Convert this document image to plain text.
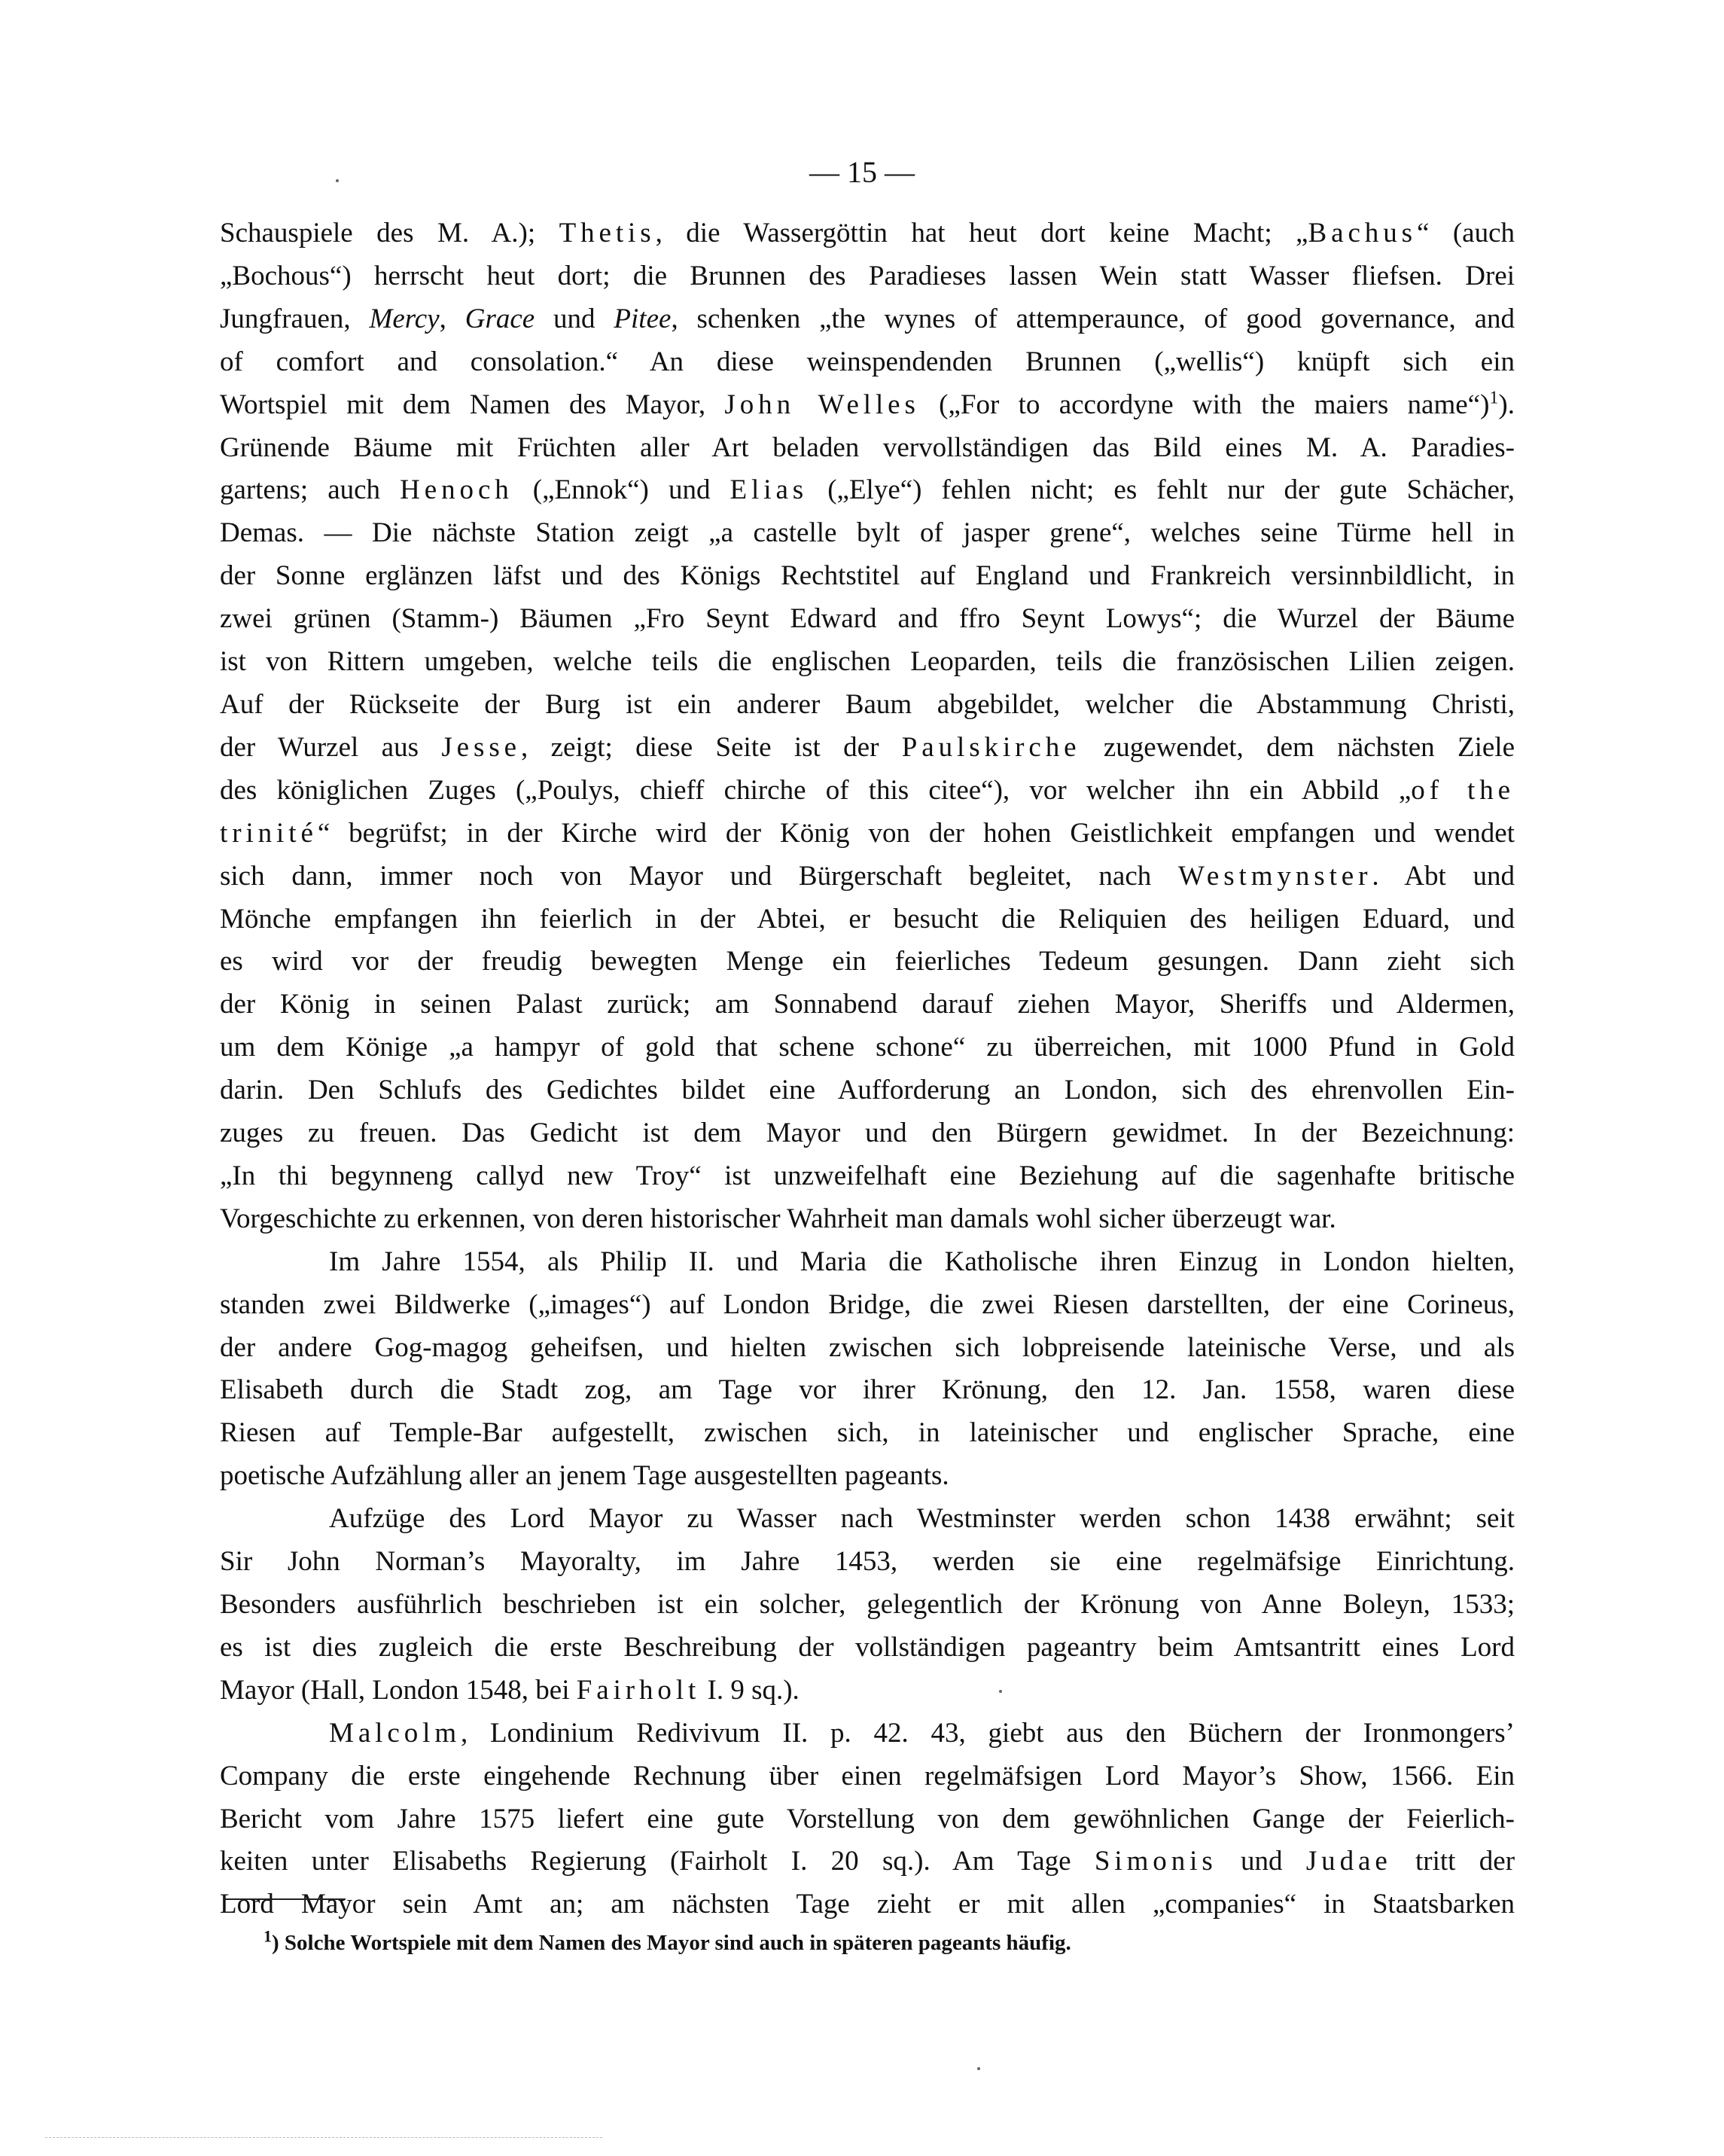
— 15 —

Schauspiele des M. A.); Thetis, die Wassergöttin hat heut dort keine Macht; „Bachus“ (auch

„Bochous“) herrscht heut dort; die Brunnen des Paradieses lassen Wein statt Wasser fliefsen. Drei

Jungfrauen, Mercy, Grace und Pitee, schenken „the wynes of attemperaunce, of good governance, and

of comfort and consolation.“ An diese weinspendenden Brunnen („wellis“) knüpft sich ein

Wortspiel mit dem Namen des Mayor, John Welles („For to accordyne with the maiers name“)$^1$).

Grünende Bäume mit Früchten aller Art beladen vervollständigen das Bild eines M. A. Paradies-

gartens; auch Henoch („Ennok“) und Elias („Elye“) fehlen nicht; es fehlt nur der gute Schächer,

Demas. — Die nächste Station zeigt „a castelle bylt of jasper grene“, welches seine Türme hell in

der Sonne erglänzen läfst und des Königs Rechtstitel auf England und Frankreich versinnbildlicht, in

zwei grünen (Stamm-) Bäumen „Fro Seynt Edward and ffro Seynt Lowys“; die Wurzel der Bäume

ist von Rittern umgeben, welche teils die englischen Leoparden, teils die französischen Lilien zeigen.

Auf der Rückseite der Burg ist ein anderer Baum abgebildet, welcher die Abstammung Christi,

der Wurzel aus Jesse, zeigt; diese Seite ist der Paulskirche zugewendet, dem nächsten Ziele

des königlichen Zuges („Poulys, chieff chirche of this citee“), vor welcher ihn ein Abbild „of the

trinité“ begrüfst; in der Kirche wird der König von der hohen Geistlichkeit empfangen und wendet

sich dann, immer noch von Mayor und Bürgerschaft begleitet, nach Westmynster. Abt und

Mönche empfangen ihn feierlich in der Abtei, er besucht die Reliquien des heiligen Eduard, und

es wird vor der freudig bewegten Menge ein feierliches Tedeum gesungen. Dann zieht sich

der König in seinen Palast zurück; am Sonnabend darauf ziehen Mayor, Sheriffs und Aldermen,

um dem Könige „a hampyr of gold that schene schone“ zu überreichen, mit 1000 Pfund in Gold

darin. Den Schlufs des Gedichtes bildet eine Aufforderung an London, sich des ehrenvollen Ein-

zuges zu freuen. Das Gedicht ist dem Mayor und den Bürgern gewidmet. In der Bezeichnung:

„In thi begynneng callyd new Troy“ ist unzweifelhaft eine Beziehung auf die sagenhafte britische

Vorgeschichte zu erkennen, von deren historischer Wahrheit man damals wohl sicher überzeugt war.

Im Jahre 1554, als Philip II. und Maria die Katholische ihren Einzug in London hielten,

standen zwei Bildwerke („images“) auf London Bridge, die zwei Riesen darstellten, der eine Corineus,

der andere Gog-magog geheifsen, und hielten zwischen sich lobpreisende lateinische Verse, und als

Elisabeth durch die Stadt zog, am Tage vor ihrer Krönung, den 12. Jan. 1558, waren diese

Riesen auf Temple-Bar aufgestellt, zwischen sich, in lateinischer und englischer Sprache, eine

poetische Aufzählung aller an jenem Tage ausgestellten pageants.

Aufzüge des Lord Mayor zu Wasser nach Westminster werden schon 1438 erwähnt; seit

Sir John Norman’s Mayoralty, im Jahre 1453, werden sie eine regelmäfsige Einrichtung.

Besonders ausführlich beschrieben ist ein solcher, gelegentlich der Krönung von Anne Boleyn, 1533;

es ist dies zugleich die erste Beschreibung der vollständigen pageantry beim Amtsantritt eines Lord

Mayor (Hall, London 1548, bei Fairholt I. 9 sq.).

Malcolm, Londinium Redivivum II. p. 42. 43, giebt aus den Büchern der Ironmongers’

Company die erste eingehende Rechnung über einen regelmäfsigen Lord Mayor’s Show, 1566. Ein

Bericht vom Jahre 1575 liefert eine gute Vorstellung von dem gewöhnlichen Gange der Feierlich-

keiten unter Elisabeths Regierung (Fairholt I. 20 sq.). Am Tage Simonis und Judae tritt der

Lord Mayor sein Amt an; am nächsten Tage zieht er mit allen „companies“ in Staatsbarken

$^1$) Solche Wortspiele mit dem Namen des Mayor sind auch in späteren pageants häufig.
